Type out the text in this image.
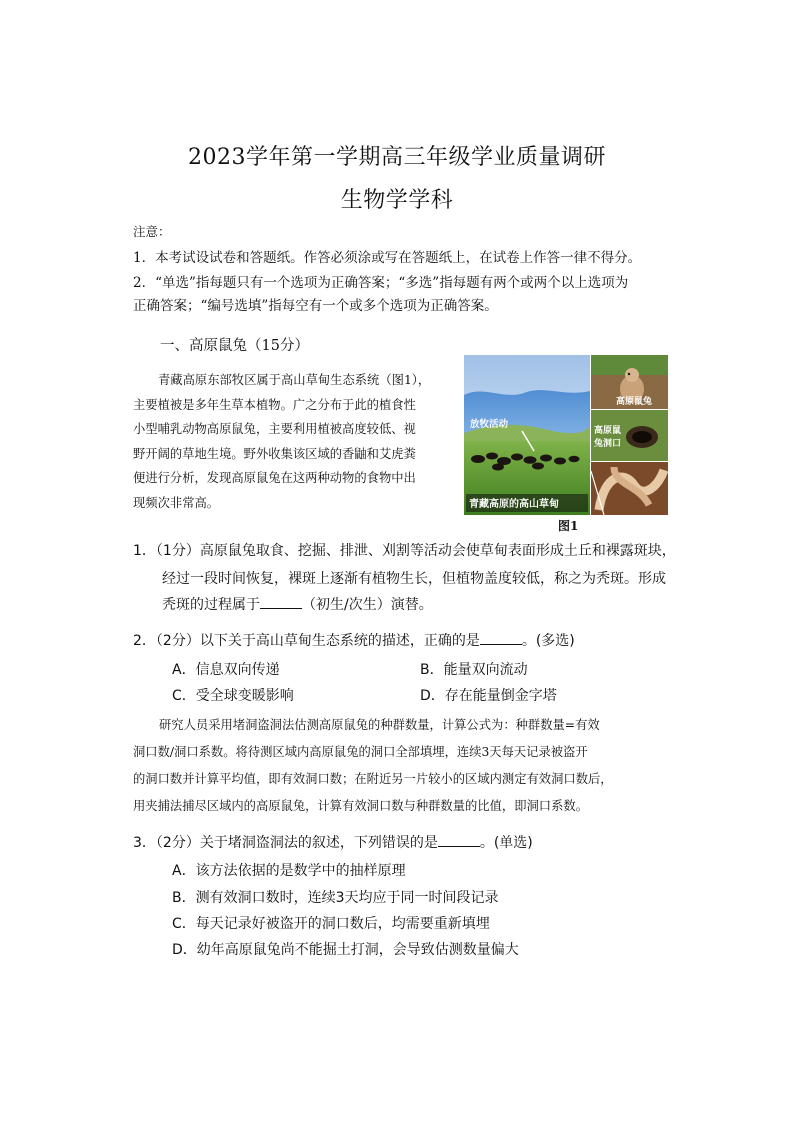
2023学年第一学期高三年级学业质量调研
生物学学科
注意：
1．本考试设试卷和答题纸。作答必须涂或写在答题纸上，在试卷上作答一律不得分。
2．“单选”指每题只有一个选项为正确答案；“多选”指每题有两个或两个以上选项为
正确答案；“编号选填”指每空有一个或多个选项为正确答案。
一、高原鼠兔（15分）
青藏高原东部牧区属于高山草甸生态系统（图1），
主要植被是多年生草本植物。广之分布于此的植食性
小型哺乳动物高原鼠兔，主要利用植被高度较低、视
野开阔的草地生境。野外收集该区域的香鼬和艾虎粪
便进行分析，发现高原鼠兔在这两种动物的食物中出
现频次非常高。
放牧活动
青藏高原的高山草甸
高原鼠兔
高原鼠
兔洞口
图1
1．（1分）高原鼠兔取食、挖掘、排泄、刈割等活动会使草甸表面形成土丘和裸露斑块，
经过一段时间恢复，裸斑上逐渐有植物生长，但植物盖度较低，称之为秃斑。形成
秃斑的过程属于	（初生/次生）演替。
2．（2分）以下关于高山草甸生态系统的描述，正确的是	。(多选)
A．信息双向传递	B．能量双向流动
C．受全球变暖影响	D．存在能量倒金字塔
研究人员采用堵洞盗洞法估测高原鼠兔的种群数量，计算公式为：种群数量=有效
洞口数/洞口系数。将待测区域内高原鼠兔的洞口全部填埋，连续3天每天记录被盗开
的洞口数并计算平均值，即有效洞口数；在附近另一片较小的区域内测定有效洞口数后，
用夹捕法捕尽区域内的高原鼠兔，计算有效洞口数与种群数量的比值，即洞口系数。
3．（2分）关于堵洞盗洞法的叙述，下列错误的是	。(单选)
A．该方法依据的是数学中的抽样原理
B．测有效洞口数时，连续3天均应于同一时间段记录
C．每天记录好被盗开的洞口数后，均需要重新填埋
D．幼年高原鼠兔尚不能掘土打洞，会导致估测数量偏大
